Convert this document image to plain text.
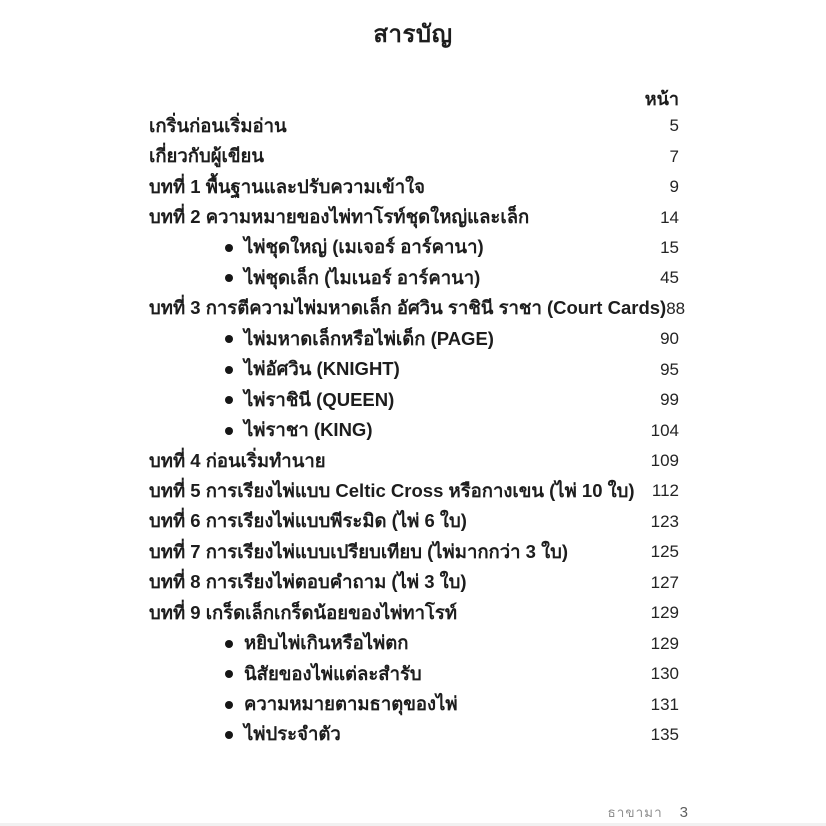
สารบัญ
หน้า
เกริ่นก่อนเริ่มอ่าน	5
เกี่ยวกับผู้เขียน	7
บทที่ 1 พื้นฐานและปรับความเข้าใจ	9
บทที่ 2 ความหมายของไพ่ทาโรท์ชุดใหญ่และเล็ก	14
ไพ่ชุดใหญ่ (เมเจอร์ อาร์คานา)	15
ไพ่ชุดเล็ก (ไมเนอร์ อาร์คานา)	45
บทที่ 3 การตีความไพ่มหาดเล็ก อัศวิน ราชินี ราชา (Court Cards) 88
ไพ่มหาดเล็กหรือไพ่เด็ก (PAGE)	90
ไพ่อัศวิน (KNIGHT)	95
ไพ่ราชินี (QUEEN)	99
ไพ่ราชา (KING)	104
บทที่ 4 ก่อนเริ่มทำนาย	109
บทที่ 5 การเรียงไพ่แบบ Celtic Cross หรือกางเขน (ไพ่ 10 ใบ) 112
บทที่ 6 การเรียงไพ่แบบพีระมิด (ไพ่ 6 ใบ)	123
บทที่ 7 การเรียงไพ่แบบเปรียบเทียบ (ไพ่มากกว่า 3 ใบ)	125
บทที่ 8 การเรียงไพ่ตอบคำถาม (ไพ่ 3 ใบ)	127
บทที่ 9 เกร็ดเล็กเกร็ดน้อยของไพ่ทาโรท์	129
หยิบไพ่เกินหรือไพ่ตก	129
นิสัยของไพ่แต่ละสำรับ	130
ความหมายตามธาตุของไพ่	131
ไพ่ประจำตัว	135
ธาขามา 3
